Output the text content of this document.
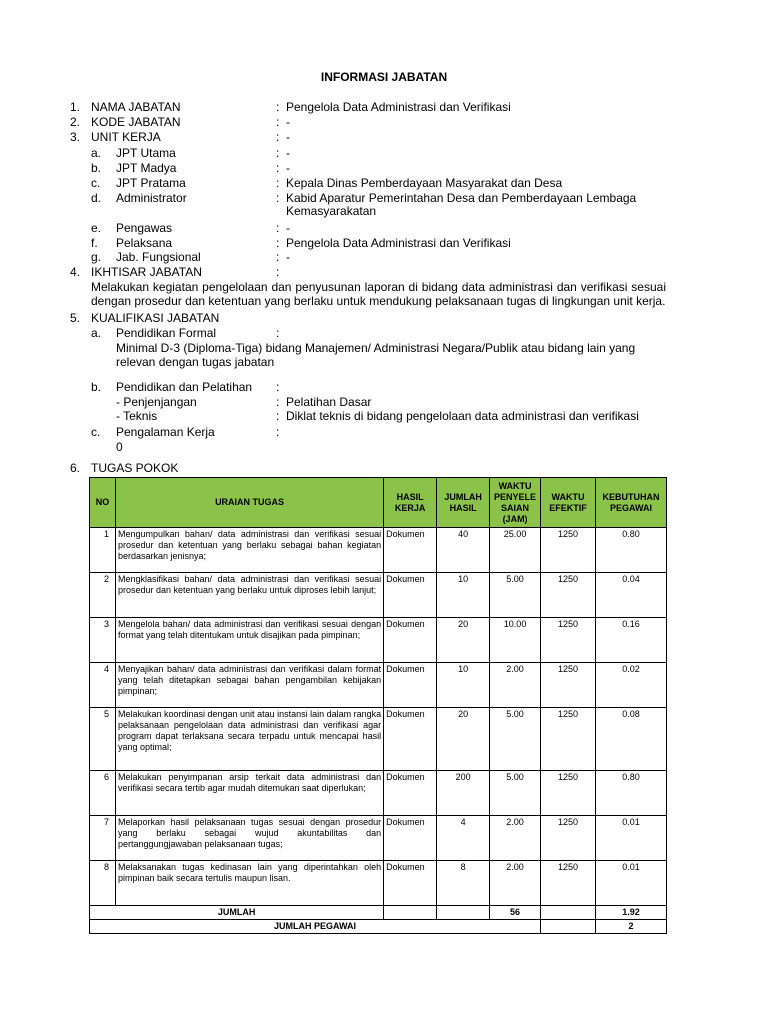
INFORMASI JABATAN
1. NAMA JABATAN	: Pengelola Data Administrasi dan Verifikasi
2. KODE JABATAN	: -
3. UNIT KERJA	: -
a. JPT Utama	: -
b. JPT Madya	: -
c. JPT Pratama	: Kepala Dinas Pemberdayaan Masyarakat dan Desa
d. Administrator	: Kabid Aparatur Pemerintahan Desa dan Pemberdayaan Lembaga
Kemasyarakatan
e. Pengawas	: -
f. Pelaksana	: Pengelola Data Administrasi dan Verifikasi
g. Jab. Fungsional	: -
4. IKHTISAR JABATAN	:
Melakukan kegiatan pengelolaan dan penyusunan laporan di bidang data administrasi dan verifikasi sesuai dengan prosedur dan ketentuan yang berlaku untuk mendukung pelaksanaan tugas di lingkungan unit kerja.
5. KUALIFIKASI JABATAN
a. Pendidikan Formal	:
Minimal D-3 (Diploma-Tiga) bidang Manajemen/ Administrasi Negara/Publik atau bidang lain yang relevan dengan tugas jabatan
b. Pendidikan dan Pelatihan :
- Penjenjangan	: Pelatihan Dasar
- Teknis	: Diklat teknis di bidang pengelolaan data administrasi dan verifikasi
c. Pengalaman Kerja	:
0
6. TUGAS POKOK
NO	URAIAN TUGAS	HASIL KERJA	JUMLAH HASIL	WAKTU PENYELE SAIAN (JAM)	WAKTU EFEKTIF	KEBUTUHAN PEGAWAI
1	Mengumpulkan bahan/ data administrasi dan verifikasi sesuai prosedur dan ketentuan yang berlaku sebagai bahan kegiatan berdasarkan jenisnya;	Dokumen	40	25.00	1250	0.80
2	Mengklasifikasi bahan/ data administrasi dan verifikasi sesuai prosedur dan ketentuan yang berlaku untuk diproses lebih lanjut;	Dokumen	10	5.00	1250	0.04
3	Mengelola bahan/ data administrasi dan verifikasi sesuai dengan format yang telah ditentukam untuk disajikan pada pimpinan;	Dokumen	20	10.00	1250	0.16
4	Menyajikan bahan/ data administrasi dan verifikasi dalam format yang telah ditetapkan sebagai bahan pengambilan kebijakan pimpinan;	Dokumen	10	2.00	1250	0.02
5	Melakukan koordinasi dengan unit atau instansi lain dalam rangka pelaksanaan pengelolaan data administrasi dan verifikasi agar program dapat terlaksana secara terpadu untuk mencapai hasil yang optimal;	Dokumen	20	5.00	1250	0.08
6	Melakukan penyimpanan arsip terkait data administrasi dan verifikasi secara tertib agar mudah ditemukan saat diperlukan;	Dokumen	200	5.00	1250	0.80
7	Melaporkan hasil pelaksanaan tugas sesuai dengan prosedur yang berlaku sebagai wujud akuntabilitas dan pertanggungjawaban pelaksanaan tugas;	Dokumen	4	2.00	1250	0.01
8	Melaksanakan tugas kedinasan lain yang diperintahkan oleh pimpinan baik secara tertulis maupun lisan.	Dokumen	8	2.00	1250	0.01
JUMLAH				56		1.92
JUMLAH PEGAWAI						2
